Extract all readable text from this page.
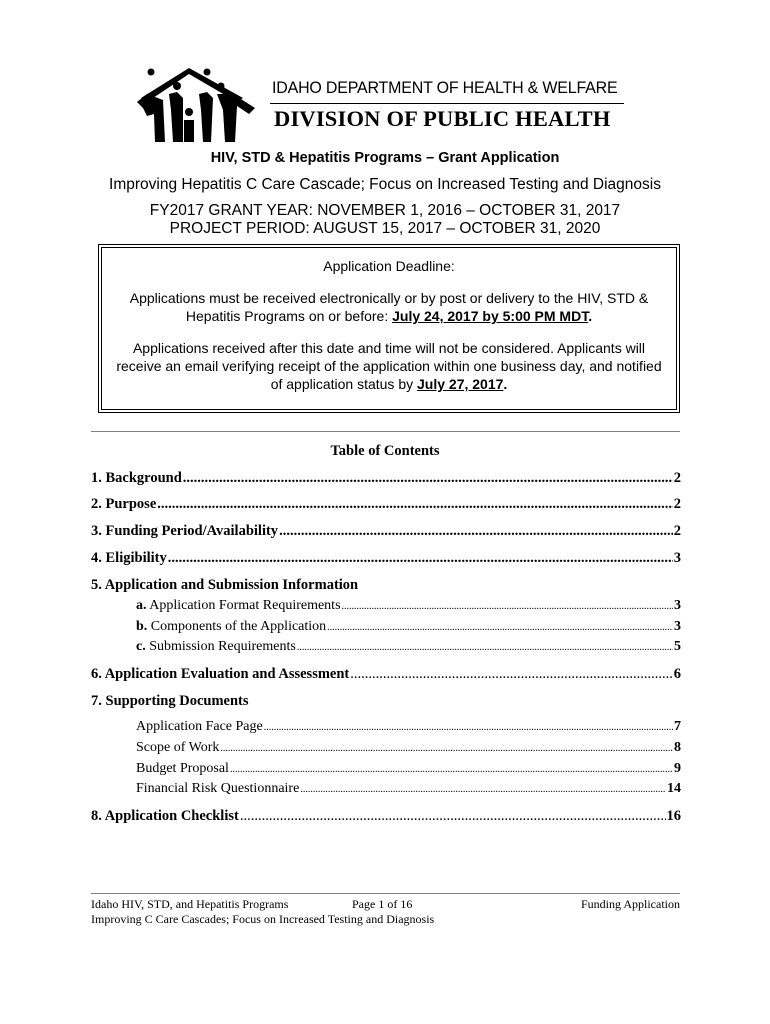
IDAHO DEPARTMENT OF HEALTH & WELFARE
DIVISION OF PUBLIC HEALTH
HIV, STD & Hepatitis Programs – Grant Application
Improving Hepatitis C Care Cascade; Focus on Increased Testing and Diagnosis
FY2017 GRANT YEAR: NOVEMBER 1, 2016 – OCTOBER 31, 2017
PROJECT PERIOD: AUGUST 15, 2017 – OCTOBER 31, 2020
Application Deadline:
Applications must be received electronically or by post or delivery to the HIV, STD &
Hepatitis Programs on or before: July 24, 2017 by 5:00 PM MDT.
Applications received after this date and time will not be considered. Applicants will
receive an email verifying receipt of the application within one business day, and notified
of application status by July 27, 2017.
Table of Contents
1. Background .....	2
2. Purpose .....	2
3. Funding Period/Availability .....	2
4. Eligibility .....	3
5. Application and Submission Information
a. Application Format Requirements .....	3
b. Components of the Application .....	3
c. Submission Requirements .....	5
6. Application Evaluation and Assessment .....	6
7. Supporting Documents
Application Face Page .....	7
Scope of Work .....	8
Budget Proposal .....	9
Financial Risk Questionnaire .....	14
8. Application Checklist .....	16
Idaho HIV, STD, and Hepatitis Programs	Page 1 of 16	Funding Application
Improving C Care Cascades; Focus on Increased Testing and Diagnosis
